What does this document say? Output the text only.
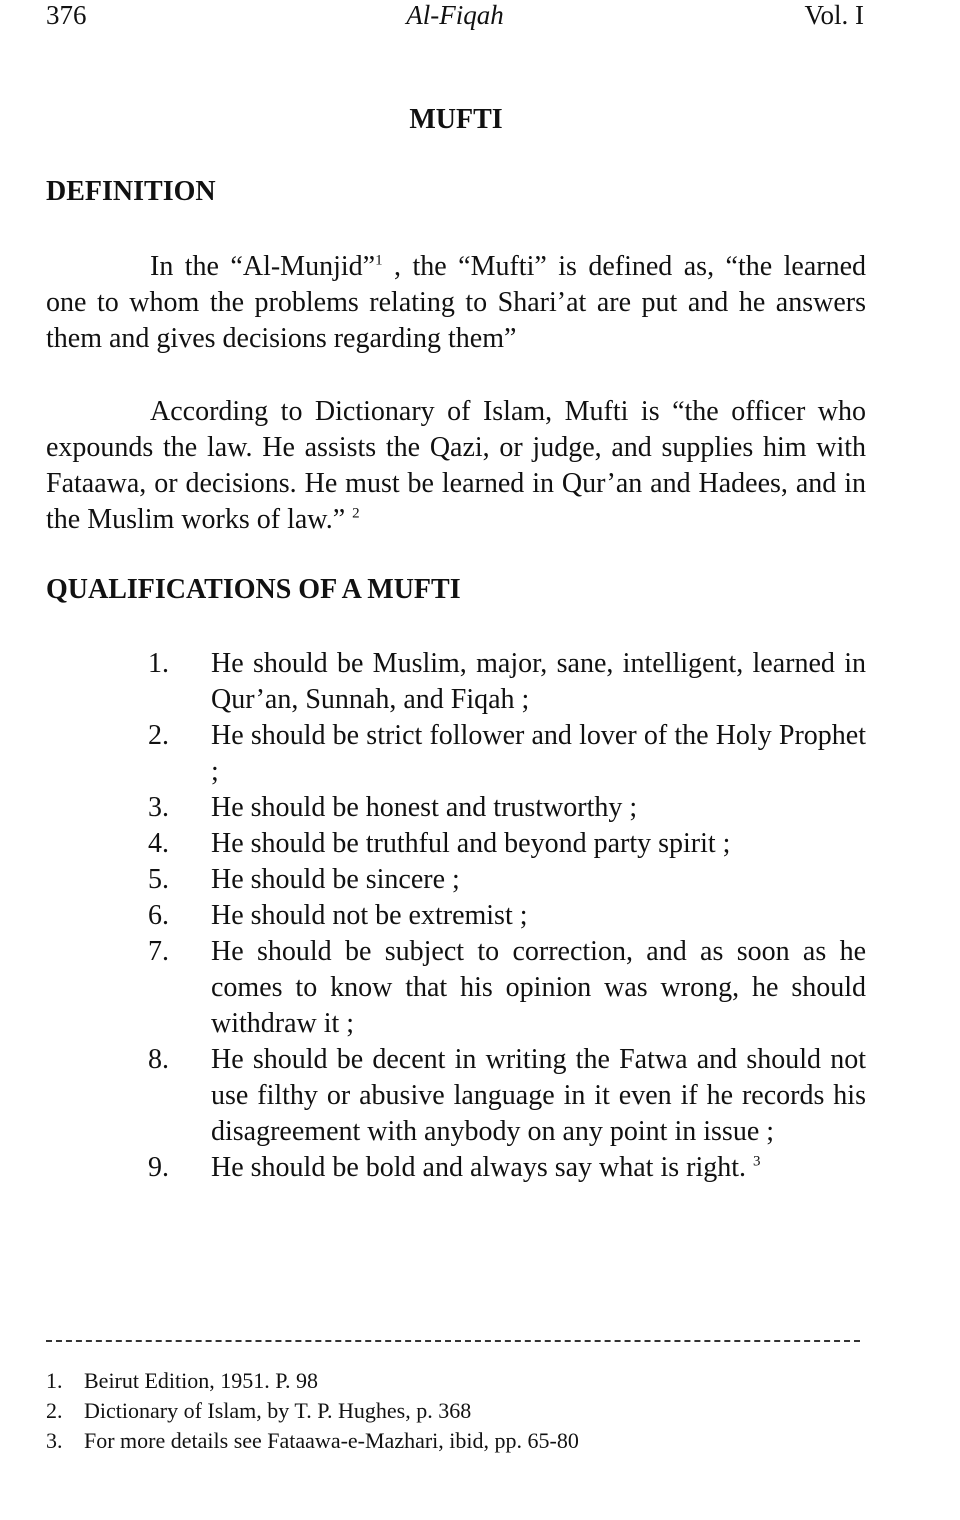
376	Al-Fiqah	Vol. I
MUFTI
DEFINITION

In the “Al-Munjid”$^1$ , the “Mufti” is defined as, “the learned one to whom the problems relating to Shari’at are put and he answers them and gives decisions regarding them”

According to Dictionary of Islam, Mufti is “the officer who expounds the law. He assists the Qazi, or judge, and supplies him with Fataawa, or decisions. He must be learned in Qur’an and Hadees, and in the Muslim works of law.” $^2$

QUALIFICATIONS OF A MUFTI
1. He should be Muslim, major, sane, intelligent, learned in Qur’an, Sunnah, and Fiqah ;
2. He should be strict follower and lover of the Holy Prophet ;
3. He should be honest and trustworthy ;
4. He should be truthful and beyond party spirit ;
5. He should be sincere ;
6. He should not be extremist ;
7. He should be subject to correction, and as soon as he comes to know that his opinion was wrong, he should withdraw it ;
8. He should be decent in writing the Fatwa and should not use filthy or abusive language in it even if he records his disagreement with anybody on any point in issue ;
9. He should be bold and always say what is right. $^3$
1. Beirut Edition, 1951. P. 98
2. Dictionary of Islam, by T. P. Hughes, p. 368
3. For more details see Fataawa-e-Mazhari, ibid, pp. 65-80
